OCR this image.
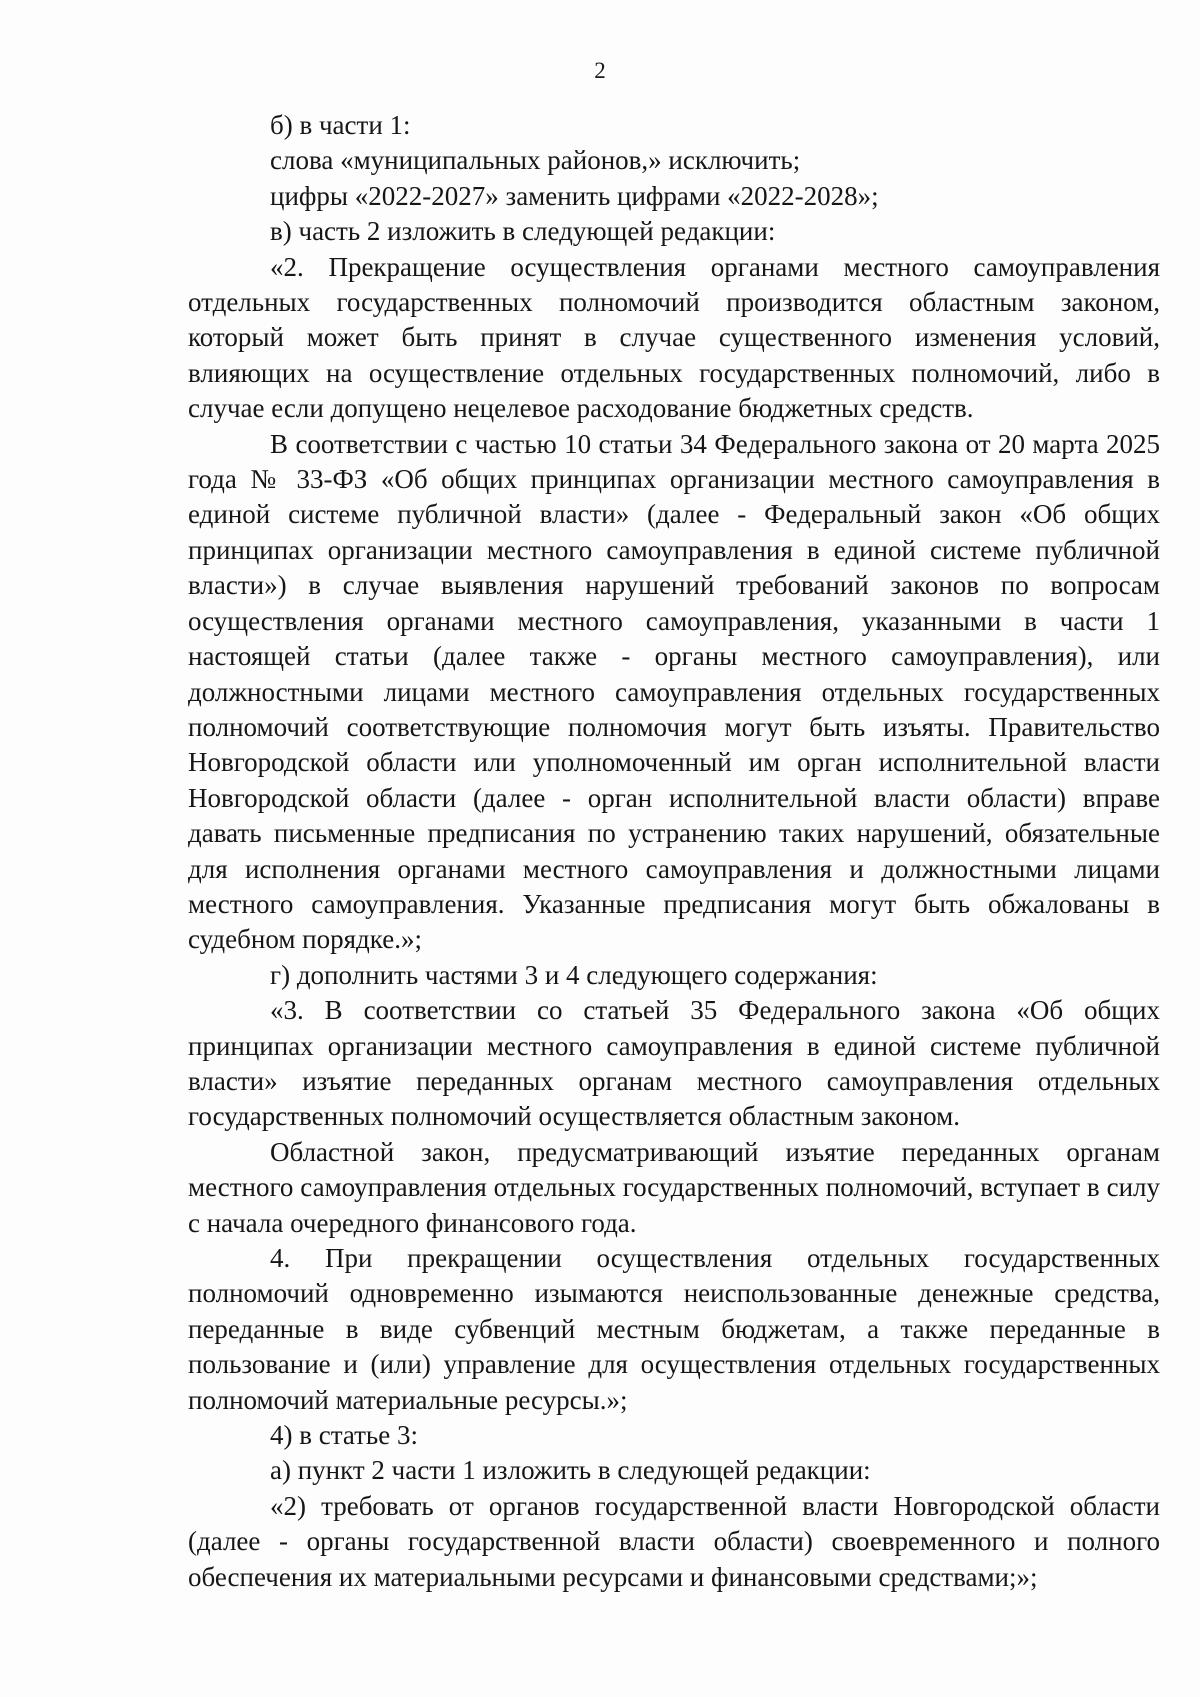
2

б) в части 1:

слова «муниципальных районов,» исключить;

цифры «2022-2027» заменить цифрами «2022-2028»;

в) часть 2 изложить в следующей редакции:

«2. Прекращение осуществления органами местного самоуправления отдельных государственных полномочий производится областным законом, который может быть принят в случае существенного изменения условий, влияющих на осуществление отдельных государственных полномочий, либо в случае если допущено нецелевое расходование бюджетных средств.

В соответствии с частью 10 статьи 34 Федерального закона от 20 марта 2025 года № 33-ФЗ «Об общих принципах организации местного самоуправления в единой системе публичной власти» (далее - Федеральный закон «Об общих принципах организации местного самоуправления в единой системе публичной власти») в случае выявления нарушений требований законов по вопросам осуществления органами местного самоуправления, указанными в части 1 настоящей статьи (далее также - органы местного самоуправления), или должностными лицами местного самоуправления отдельных государственных полномочий соответствующие полномочия могут быть изъяты. Правительство Новгородской области или уполномоченный им орган исполнительной власти Новгородской области (далее - орган исполнительной власти области) вправе давать письменные предписания по устранению таких нарушений, обязательные для исполнения органами местного самоуправления и должностными лицами местного самоуправления. Указанные предписания могут быть обжалованы в судебном порядке.»;

г) дополнить частями 3 и 4 следующего содержания:

«3. В соответствии со статьей 35 Федерального закона «Об общих принципах организации местного самоуправления в единой системе публичной власти» изъятие переданных органам местного самоуправления отдельных государственных полномочий осуществляется областным законом.

Областной закон, предусматривающий изъятие переданных органам местного самоуправления отдельных государственных полномочий, вступает в силу с начала очередного финансового года.

4. При прекращении осуществления отдельных государственных полномочий одновременно изымаются неиспользованные денежные средства, переданные в виде субвенций местным бюджетам, а также переданные в пользование и (или) управление для осуществления отдельных государственных полномочий материальные ресурсы.»;

4) в статье 3:

а) пункт 2 части 1 изложить в следующей редакции:

«2) требовать от органов государственной власти Новгородской области (далее - органы государственной власти области) своевременного и полного обеспечения их материальными ресурсами и финансовыми средствами;»;
